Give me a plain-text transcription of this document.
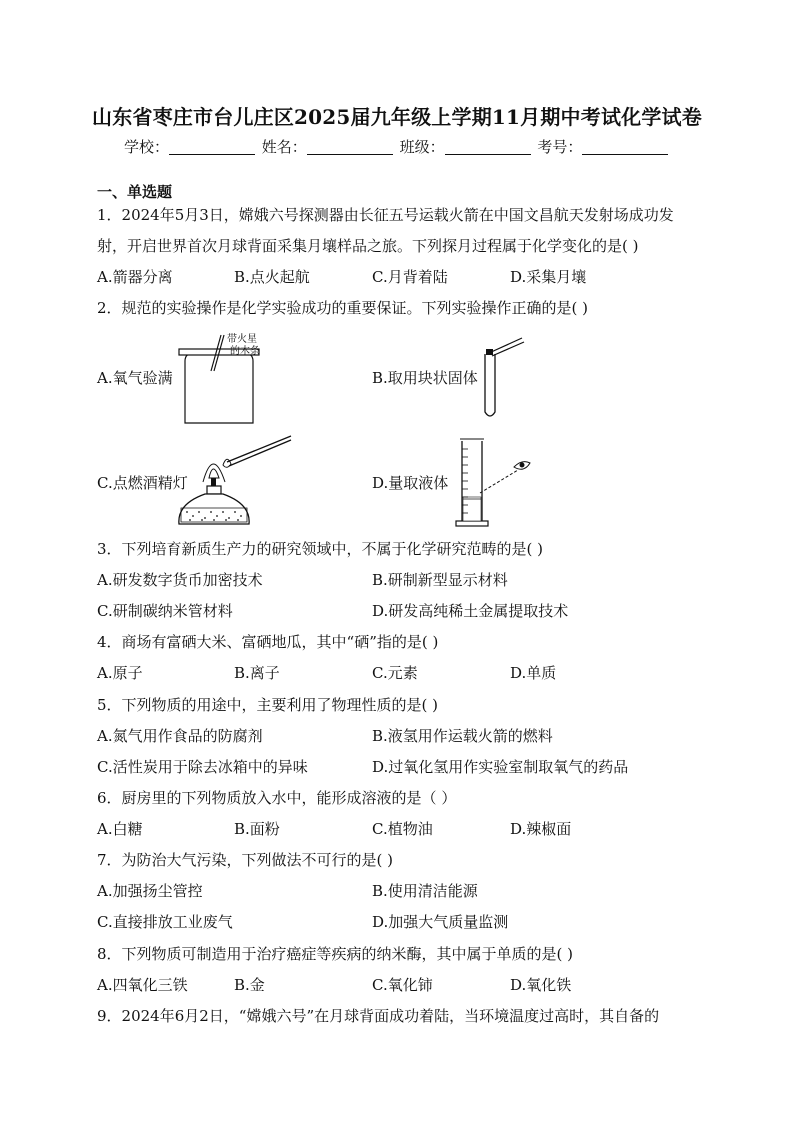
山东省枣庄市台儿庄区2025届九年级上学期11月期中考试化学试卷
学校：	姓名：	班级：	考号：
一、单选题
1．2024年5月3日，嫦娥六号探测器由长征五号运载火箭在中国文昌航天发射场成功发
射，开启世界首次月球背面采集月壤样品之旅。下列探月过程属于化学变化的是( )
A.箭器分离	B.点火起航	C.月背着陆	D.采集月壤
2．规范的实验操作是化学实验成功的重要保证。下列实验操作正确的是( )
A.氧气验满
带火星
的木条
B.取用块状固体
C.点燃酒精灯	D.量取液体
3．下列培育新质生产力的研究领域中，不属于化学研究范畴的是( )
A.研发数字货币加密技术	B.研制新型显示材料
C.研制碳纳米管材料	D.研发高纯稀土金属提取技术
4．商场有富硒大米、富硒地瓜，其中“硒”指的是( )
A.原子	B.离子	C.元素	D.单质
5．下列物质的用途中，主要利用了物理性质的是( )
A.氮气用作食品的防腐剂	B.液氢用作运载火箭的燃料
C.活性炭用于除去冰箱中的异味	D.过氧化氢用作实验室制取氧气的药品
6．厨房里的下列物质放入水中，能形成溶液的是（ ）
A.白糖	B.面粉	C.植物油	D.辣椒面
7．为防治大气污染，下列做法不可行的是( )
A.加强扬尘管控	B.使用清洁能源
C.直接排放工业废气	D.加强大气质量监测
8．下列物质可制造用于治疗癌症等疾病的纳米酶，其中属于单质的是( )
A.四氧化三铁	B.金	C.氧化铈	D.氧化铁
9．2024年6月2日，“嫦娥六号”在月球背面成功着陆，当环境温度过高时，其自备的
